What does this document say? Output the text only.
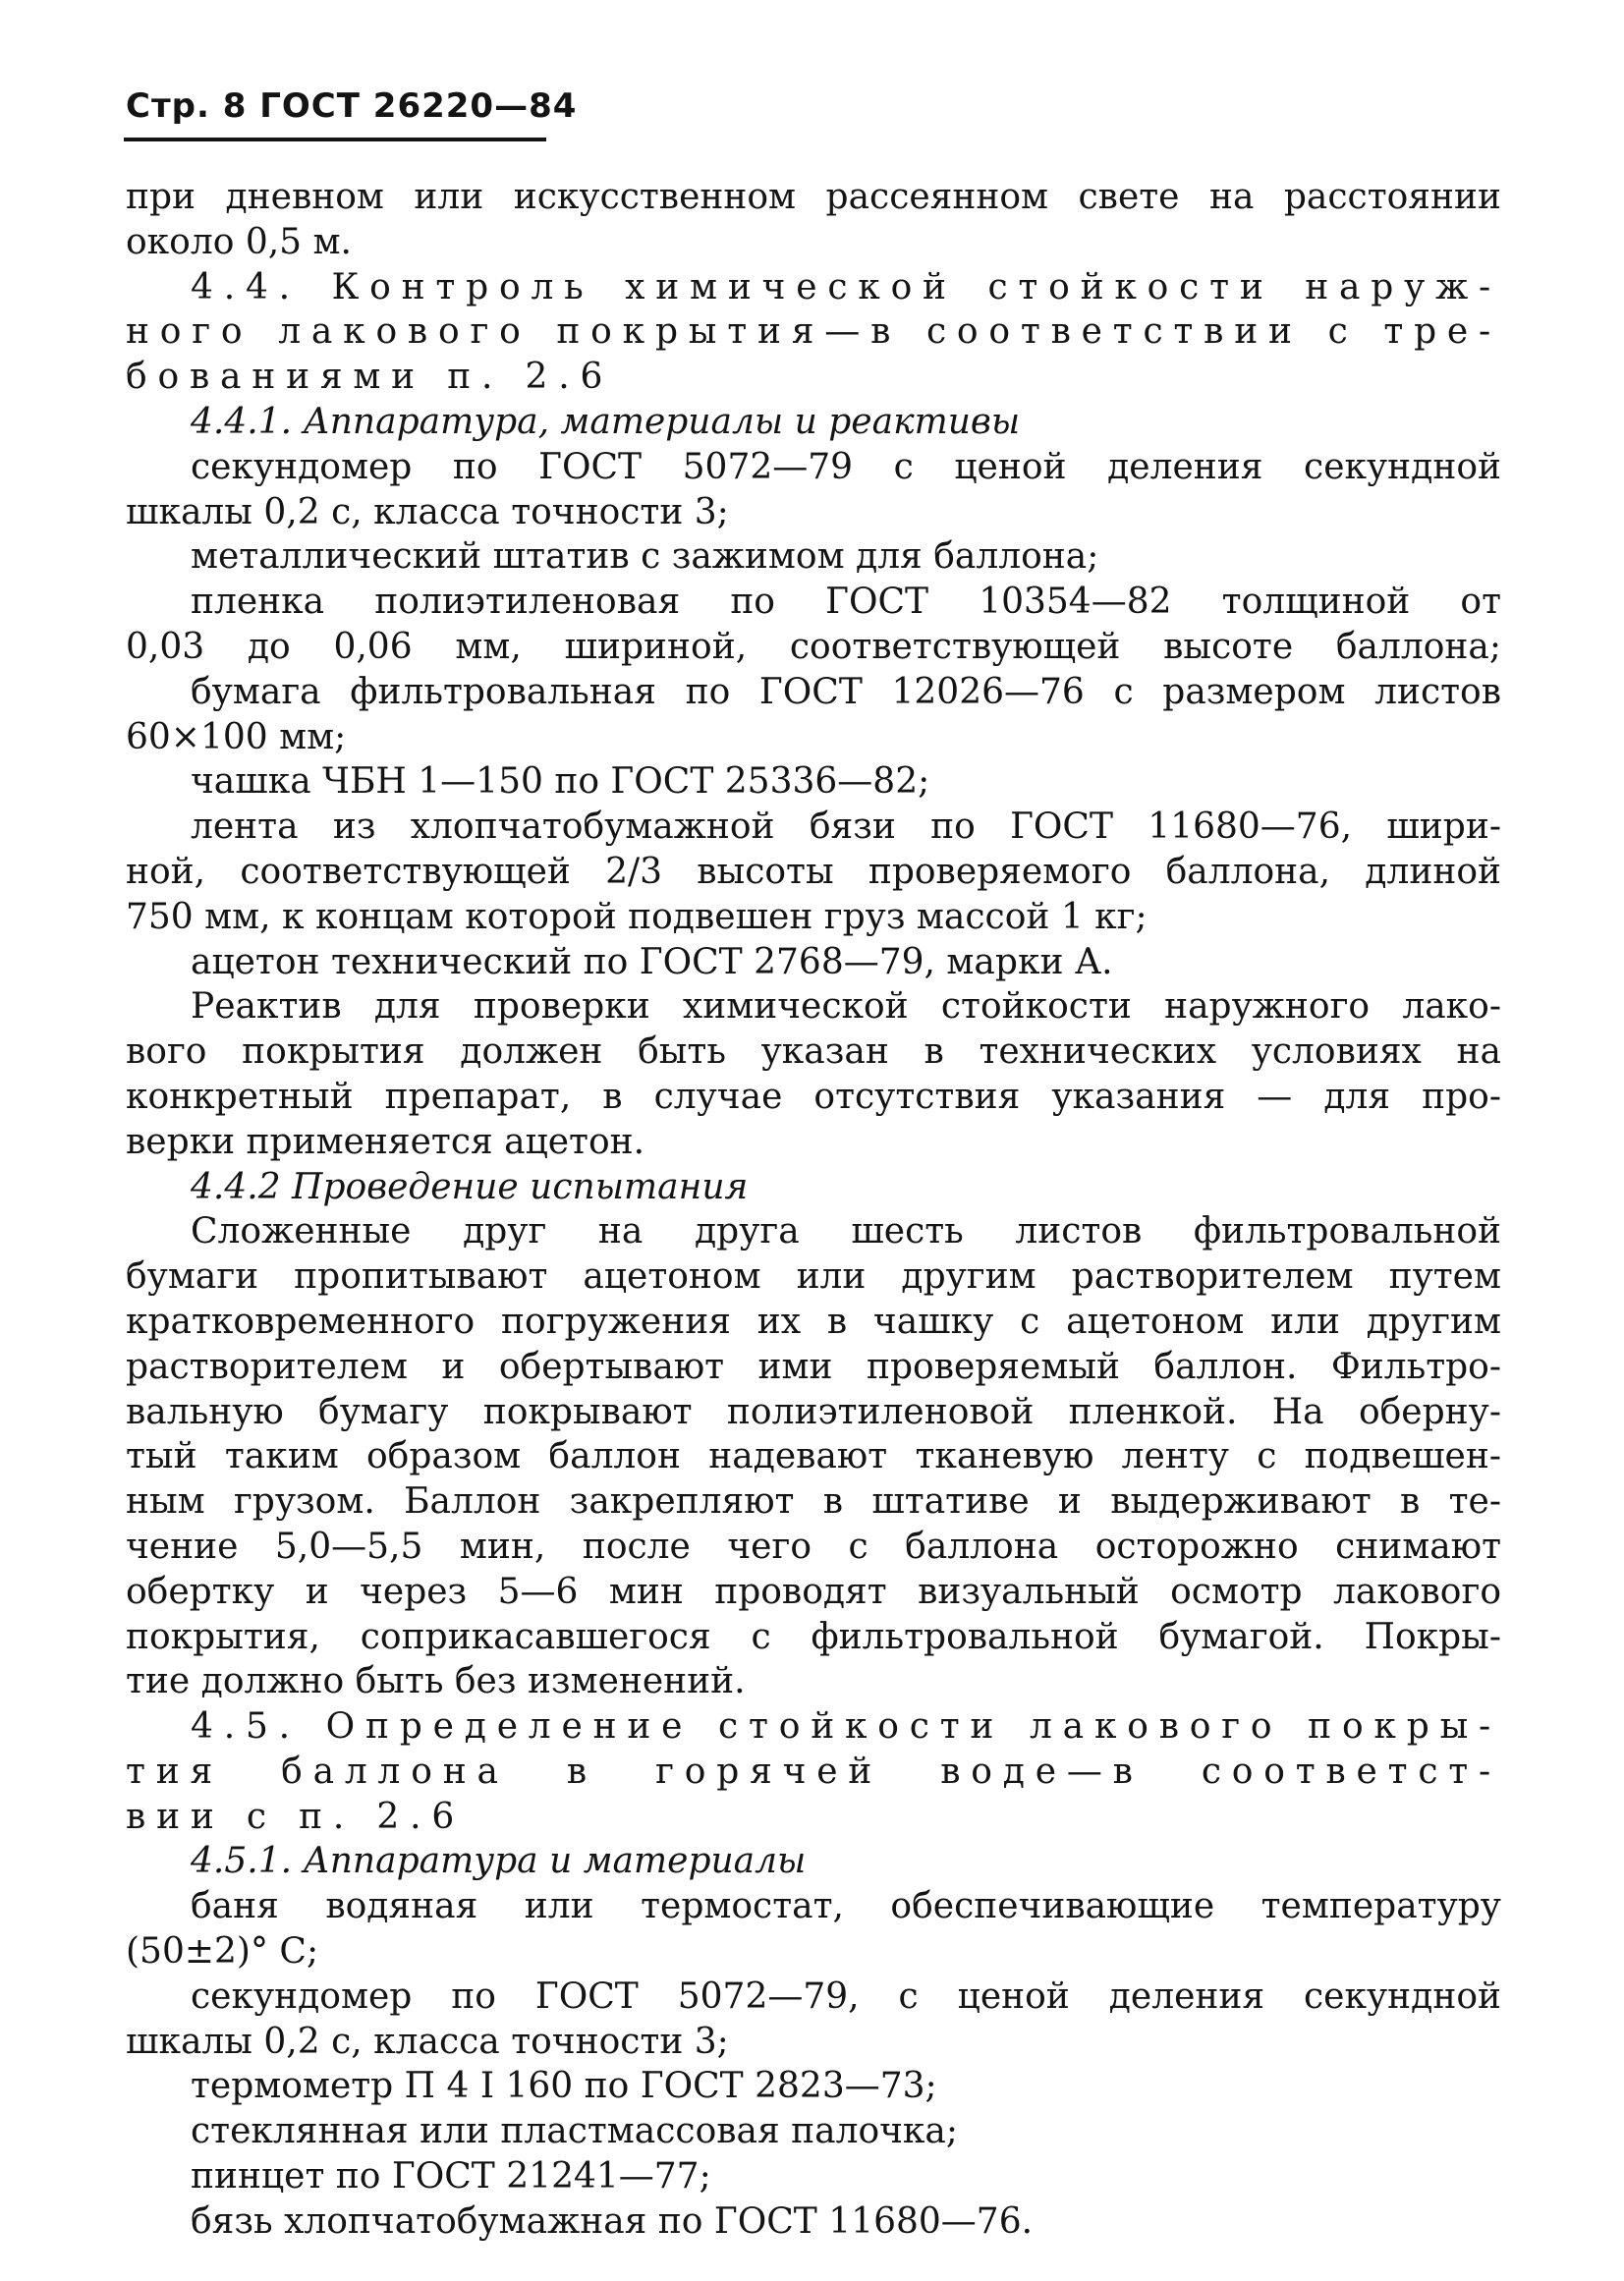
Стр. 8 ГОСТ 26220—84
при дневном или искусственном рассеянном свете на расстоянии
около 0,5 м.
4.4. Контроль химической стойкости наруж-
ного лакового покрытия—в соответствии с тре-
бованиями п. 2.6
4.4.1. Аппаратура, материалы и реактивы
секундомер по ГОСТ 5072—79 с ценой деления секундной
шкалы 0,2 с, класса точности 3;
металлический штатив с зажимом для баллона;
пленка полиэтиленовая по ГОСТ 10354—82 толщиной от
0,03 до 0,06 мм, шириной, соответствующей высоте баллона;
бумага фильтровальная по ГОСТ 12026—76 с размером листов
60×100 мм;
чашка ЧБН 1—150 по ГОСТ 25336—82;
лента из хлопчатобумажной бязи по ГОСТ 11680—76, шири-
ной, соответствующей 2/3 высоты проверяемого баллона, длиной
750 мм, к концам которой подвешен груз массой 1 кг;
ацетон технический по ГОСТ 2768—79, марки А.
Реактив для проверки химической стойкости наружного лако-
вого покрытия должен быть указан в технических условиях на
конкретный препарат, в случае отсутствия указания — для про-
верки применяется ацетон.
4.4.2 Проведение испытания
Сложенные друг на друга шесть листов фильтровальной
бумаги пропитывают ацетоном или другим растворителем путем
кратковременного погружения их в чашку с ацетоном или другим
растворителем и обертывают ими проверяемый баллон. Фильтро-
вальную бумагу покрывают полиэтиленовой пленкой. На оберну-
тый таким образом баллон надевают тканевую ленту с подвешен-
ным грузом. Баллон закрепляют в штативе и выдерживают в те-
чение 5,0—5,5 мин, после чего с баллона осторожно снимают
обертку и через 5—6 мин проводят визуальный осмотр лакового
покрытия, соприкасавшегося с фильтровальной бумагой. Покры-
тие должно быть без изменений.
4.5. Определение стойкости лакового покры-
тия баллона в горячей воде—в соответст-
вии с п. 2.6
4.5.1. Аппаратура и материалы
баня водяная или термостат, обеспечивающие температуру
(50±2)° С;
секундомер по ГОСТ 5072—79, с ценой деления секундной
шкалы 0,2 с, класса точности 3;
термометр П 4 I 160 по ГОСТ 2823—73;
стеклянная или пластмассовая палочка;
пинцет по ГОСТ 21241—77;
бязь хлопчатобумажная по ГОСТ 11680—76.
